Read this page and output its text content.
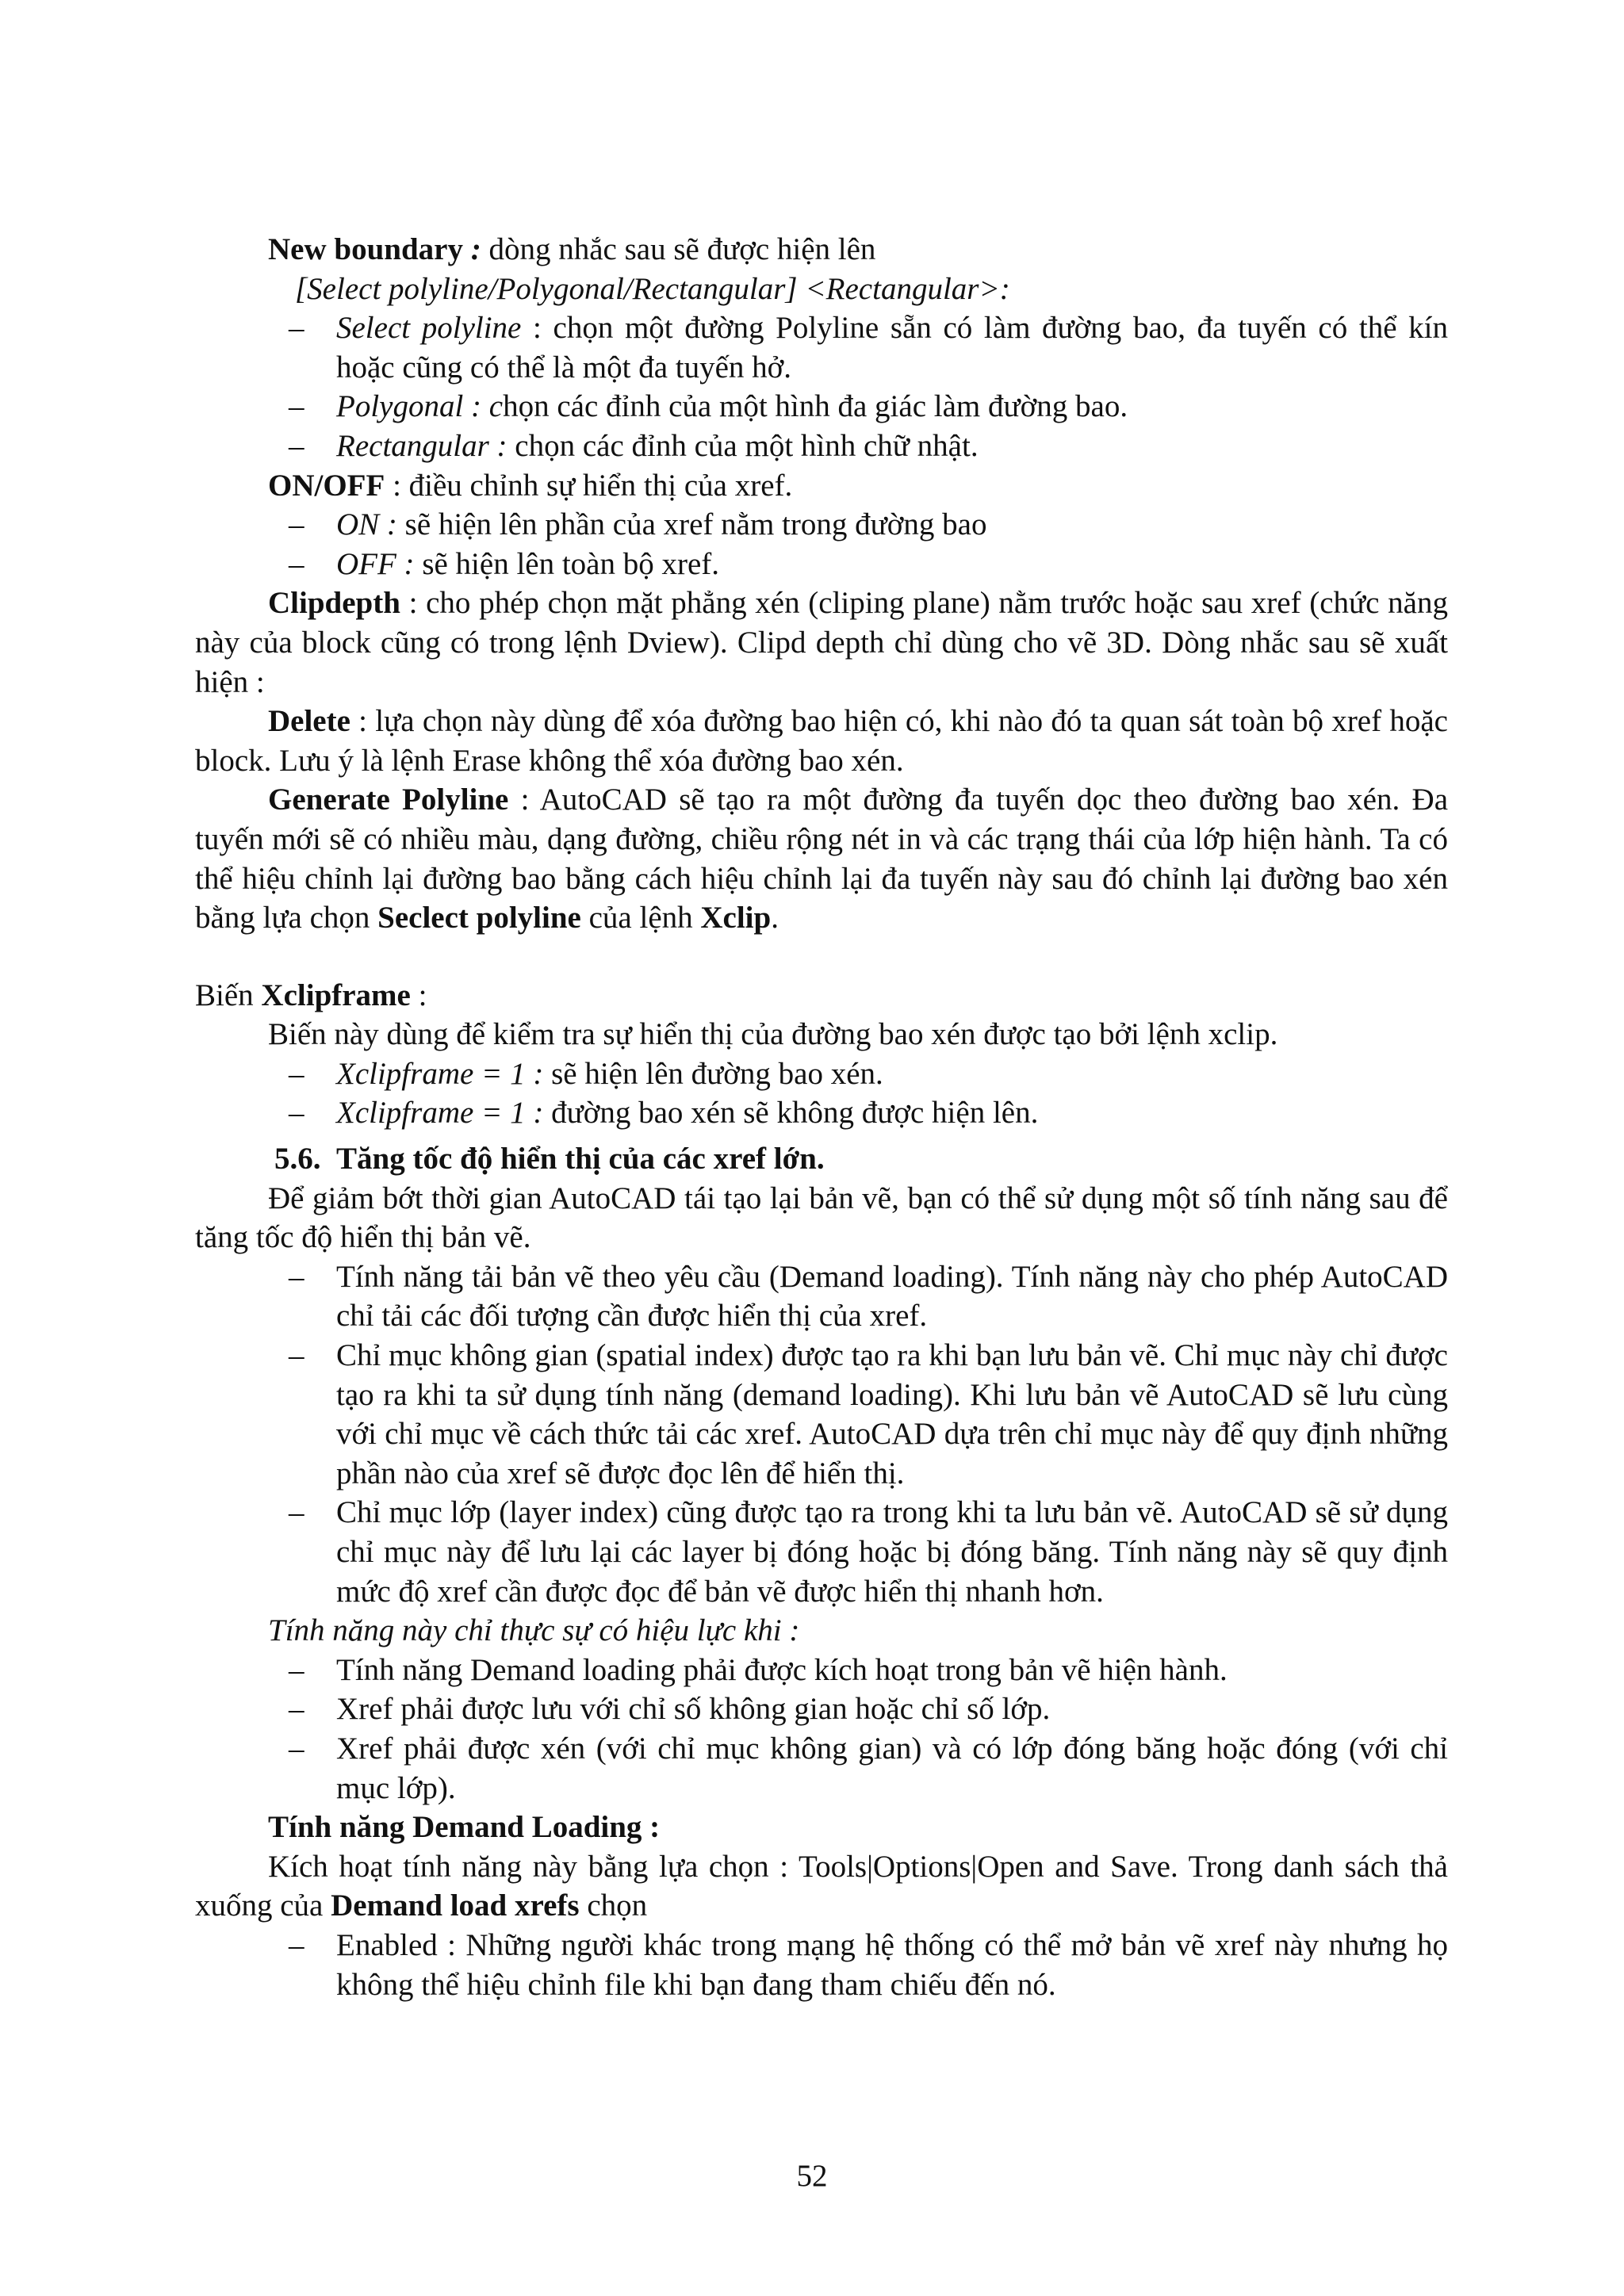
New boundary : dòng nhắc sau sẽ được hiện lên

[Select polyline/Polygonal/Rectangular] <Rectangular>:

– Select polyline : chọn một đường Polyline sẵn có làm đường bao, đa tuyến có thể kín hoặc cũng có thể là một đa tuyến hở.
– Polygonal : chọn các đỉnh của một hình đa giác làm đường bao.
– Rectangular : chọn các đỉnh của một hình chữ nhật.

ON/OFF : điều chỉnh sự hiển thị của xref.

– ON : sẽ hiện lên phần của xref nằm trong đường bao
– OFF : sẽ hiện lên toàn bộ xref.

Clipdepth : cho phép chọn mặt phẳng xén (cliping plane) nằm trước hoặc sau xref (chức năng này của block cũng có trong lệnh Dview). Clipd depth chỉ dùng cho vẽ 3D. Dòng nhắc sau sẽ xuất hiện :

Delete : lựa chọn này dùng để xóa đường bao hiện có, khi nào đó ta quan sát toàn bộ xref hoặc block. Lưu ý là lệnh Erase không thể xóa đường bao xén.

Generate Polyline : AutoCAD sẽ tạo ra một đường đa tuyến dọc theo đường bao xén. Đa tuyến mới sẽ có nhiều màu, dạng đường, chiều rộng nét in và các trạng thái của lớp hiện hành. Ta có thể hiệu chỉnh lại đường bao bằng cách hiệu chỉnh lại đa tuyến này sau đó chỉnh lại đường bao xén bằng lựa chọn Seclect polyline của lệnh Xclip.

Biến Xclipframe :

Biến này dùng để kiểm tra sự hiển thị của đường bao xén được tạo bởi lệnh xclip.

– Xclipframe = 1 : sẽ hiện lên đường bao xén.
– Xclipframe = 1 : đường bao xén sẽ không được hiện lên.

5.6. Tăng tốc độ hiển thị của các xref lớn.

Để giảm bớt thời gian AutoCAD tái tạo lại bản vẽ, bạn có thể sử dụng một số tính năng sau để tăng tốc độ hiển thị bản vẽ.

– Tính năng tải bản vẽ theo yêu cầu (Demand loading). Tính năng này cho phép AutoCAD chỉ tải các đối tượng cần được hiển thị của xref.
– Chỉ mục không gian (spatial index) được tạo ra khi bạn lưu bản vẽ. Chỉ mục này chỉ được tạo ra khi ta sử dụng tính năng (demand loading). Khi lưu bản vẽ AutoCAD sẽ lưu cùng với chỉ mục về cách thức tải các xref. AutoCAD dựa trên chỉ mục này để quy định những phần nào của xref sẽ được đọc lên để hiển thị.
– Chỉ mục lớp (layer index) cũng được tạo ra trong khi ta lưu bản vẽ. AutoCAD sẽ sử dụng chỉ mục này để lưu lại các layer bị đóng hoặc bị đóng băng. Tính năng này sẽ quy định mức độ xref cần được đọc để bản vẽ được hiển thị nhanh hơn.

Tính năng này chỉ thực sự có hiệu lực khi :

– Tính năng Demand loading phải được kích hoạt trong bản vẽ hiện hành.
– Xref phải được lưu với chỉ số không gian hoặc chỉ số lớp.
– Xref phải được xén (với chỉ mục không gian) và có lớp đóng băng hoặc đóng (với chỉ mục lớp).

Tính năng Demand Loading :

Kích hoạt tính năng này bằng lựa chọn : Tools|Options|Open and Save. Trong danh sách thả xuống của Demand load xrefs chọn

– Enabled : Những người khác trong mạng hệ thống có thể mở bản vẽ xref này nhưng họ không thể hiệu chỉnh file khi bạn đang tham chiếu đến nó.
52
